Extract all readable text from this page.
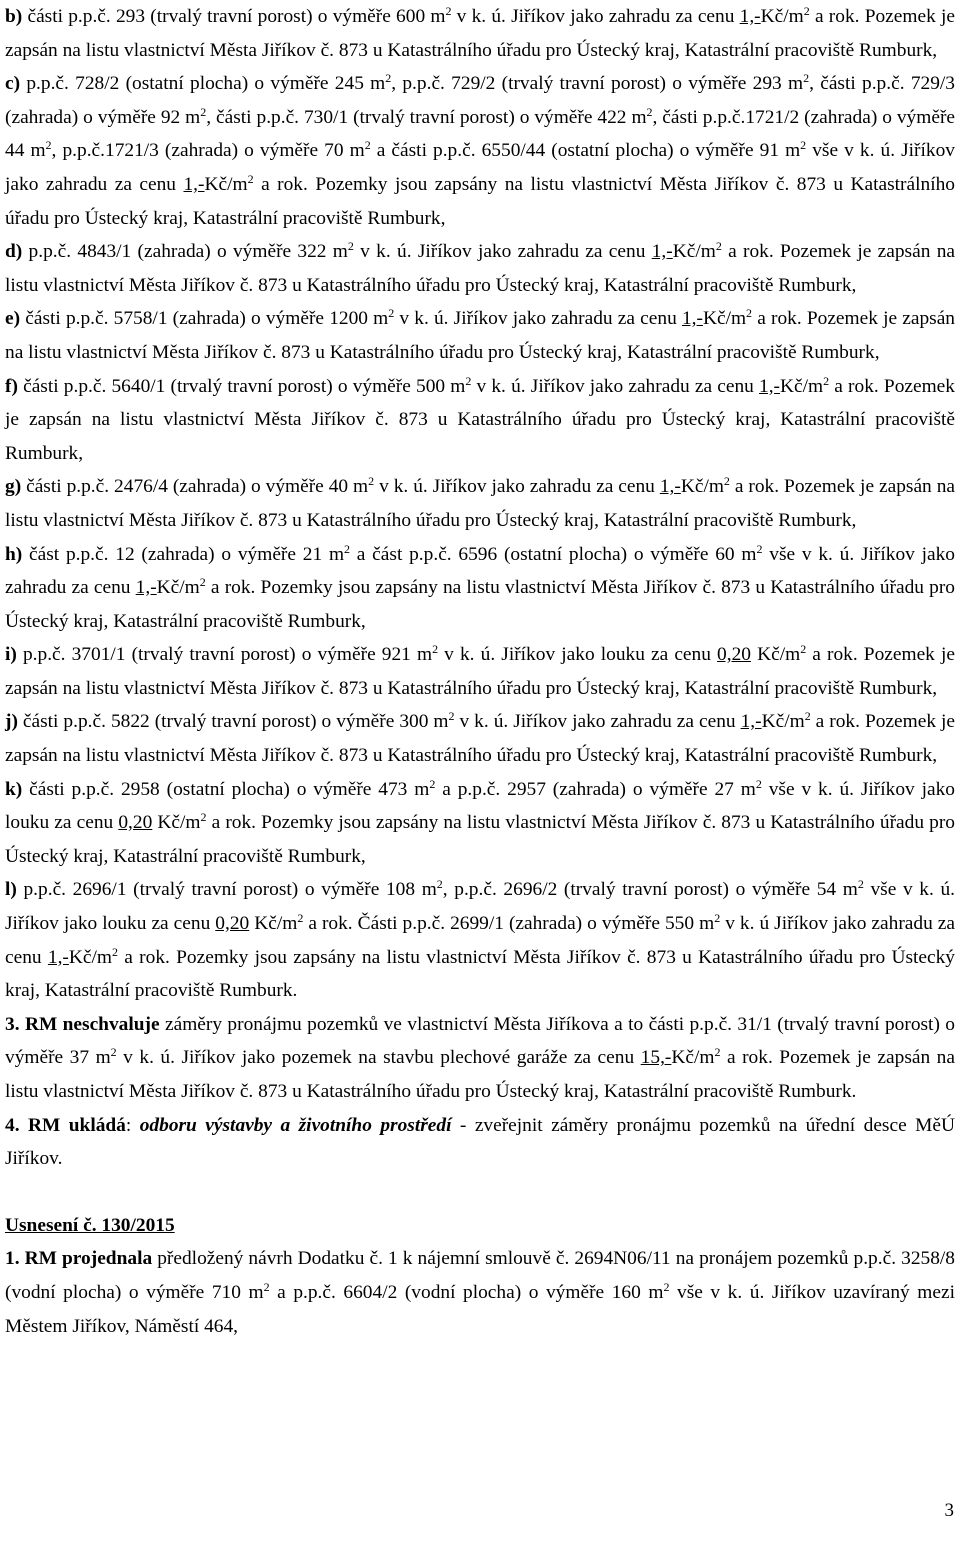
b) části p.p.č. 293 (trvalý travní porost) o výměře 600 $m^2$ v k. ú. Jiříkov jako zahradu za cenu $1,-Kč/m^2$ a rok. Pozemek je zapsán na listu vlastnictví Města Jiříkov č. 873 u Katastrálního úřadu pro Ústecký kraj, Katastrální pracoviště Rumburk,

c) p.p.č. 728/2 (ostatní plocha) o výměře 245 $m^2$, p.p.č. 729/2 (trvalý travní porost) o výměře 293 $m^2$, části p.p.č. 729/3 (zahrada) o výměře 92 $m^2$, části p.p.č. 730/1 (trvalý travní porost) o výměře 422 $m^2$, části p.p.č.1721/2 (zahrada) o výměře 44 $m^2$, p.p.č.1721/3 (zahrada) o výměře 70 $m^2$ a části p.p.č. 6550/44 (ostatní plocha) o výměře 91 $m^2$ vše v k. ú. Jiříkov jako zahradu za cenu $1,-Kč/m^2$ a rok. Pozemky jsou zapsány na listu vlastnictví Města Jiříkov č. 873 u Katastrálního úřadu pro Ústecký kraj, Katastrální pracoviště Rumburk,

d) p.p.č. 4843/1 (zahrada) o výměře 322 $m^2$ v k. ú. Jiříkov jako zahradu za cenu $1,-Kč/m^2$ a rok. Pozemek je zapsán na listu vlastnictví Města Jiříkov č. 873 u Katastrálního úřadu pro Ústecký kraj, Katastrální pracoviště Rumburk,

e) části p.p.č. 5758/1 (zahrada) o výměře 1200 $m^2$ v k. ú. Jiříkov jako zahradu za cenu $1,-Kč/m^2$ a rok. Pozemek je zapsán na listu vlastnictví Města Jiříkov č. 873 u Katastrálního úřadu pro Ústecký kraj, Katastrální pracoviště Rumburk,

f) části p.p.č. 5640/1 (trvalý travní porost) o výměře 500 $m^2$ v k. ú. Jiříkov jako zahradu za cenu $1,-Kč/m^2$ a rok. Pozemek je zapsán na listu vlastnictví Města Jiříkov č. 873 u Katastrálního úřadu pro Ústecký kraj, Katastrální pracoviště Rumburk,

g) části p.p.č. 2476/4 (zahrada) o výměře 40 $m^2$ v k. ú. Jiříkov jako zahradu za cenu $1,-Kč/m^2$ a rok. Pozemek je zapsán na listu vlastnictví Města Jiříkov č. 873 u Katastrálního úřadu pro Ústecký kraj, Katastrální pracoviště Rumburk,

h) část p.p.č. 12 (zahrada) o výměře 21 $m^2$ a část p.p.č. 6596 (ostatní plocha) o výměře 60 $m^2$ vše v k. ú. Jiříkov jako zahradu za cenu $1,-Kč/m^2$ a rok. Pozemky jsou zapsány na listu vlastnictví Města Jiříkov č. 873 u Katastrálního úřadu pro Ústecký kraj, Katastrální pracoviště Rumburk,

i) p.p.č. 3701/1 (trvalý travní porost) o výměře 921 $m^2$ v k. ú. Jiříkov jako louku za cenu 0,20 $Kč/m^2$ a rok. Pozemek je zapsán na listu vlastnictví Města Jiříkov č. 873 u Katastrálního úřadu pro Ústecký kraj, Katastrální pracoviště Rumburk,

j) části p.p.č. 5822 (trvalý travní porost) o výměře 300 $m^2$ v k. ú. Jiříkov jako zahradu za cenu $1,-Kč/m^2$ a rok. Pozemek je zapsán na listu vlastnictví Města Jiříkov č. 873 u Katastrálního úřadu pro Ústecký kraj, Katastrální pracoviště Rumburk,

k) části p.p.č. 2958 (ostatní plocha) o výměře 473 $m^2$ a p.p.č. 2957 (zahrada) o výměře 27 $m^2$ vše v k. ú. Jiříkov jako louku za cenu 0,20 $Kč/m^2$ a rok. Pozemky jsou zapsány na listu vlastnictví Města Jiříkov č. 873 u Katastrálního úřadu pro Ústecký kraj, Katastrální pracoviště Rumburk,

l) p.p.č. 2696/1 (trvalý travní porost) o výměře 108 $m^2$, p.p.č. 2696/2 (trvalý travní porost) o výměře 54 $m^2$ vše v k. ú. Jiříkov jako louku za cenu 0,20 $Kč/m^2$ a rok. Části p.p.č. 2699/1 (zahrada) o výměře 550 $m^2$ v k. ú Jiříkov jako zahradu za cenu $1,-Kč/m^2$ a rok. Pozemky jsou zapsány na listu vlastnictví Města Jiříkov č. 873 u Katastrálního úřadu pro Ústecký kraj, Katastrální pracoviště Rumburk.

3. RM neschvaluje záměry pronájmu pozemků ve vlastnictví Města Jiříkova a to části p.p.č. 31/1 (trvalý travní porost) o výměře 37 $m^2$ v k. ú. Jiříkov jako pozemek na stavbu plechové garáže za cenu $15,-Kč/m^2$ a rok. Pozemek je zapsán na listu vlastnictví Města Jiříkov č. 873 u Katastrálního úřadu pro Ústecký kraj, Katastrální pracoviště Rumburk.

4. RM ukládá: odboru výstavby a životního prostředí - zveřejnit záměry pronájmu pozemků na úřední desce MěÚ Jiříkov.

Usnesení č. 130/2015

1. RM projednala předložený návrh Dodatku č. 1 k nájemní smlouvě č. 2694N06/11 na pronájem pozemků p.p.č. 3258/8 (vodní plocha) o výměře 710 $m^2$ a p.p.č. 6604/2 (vodní plocha) o výměře 160 $m^2$ vše v k. ú. Jiříkov uzavíraný mezi Městem Jiříkov, Náměstí 464,

3
